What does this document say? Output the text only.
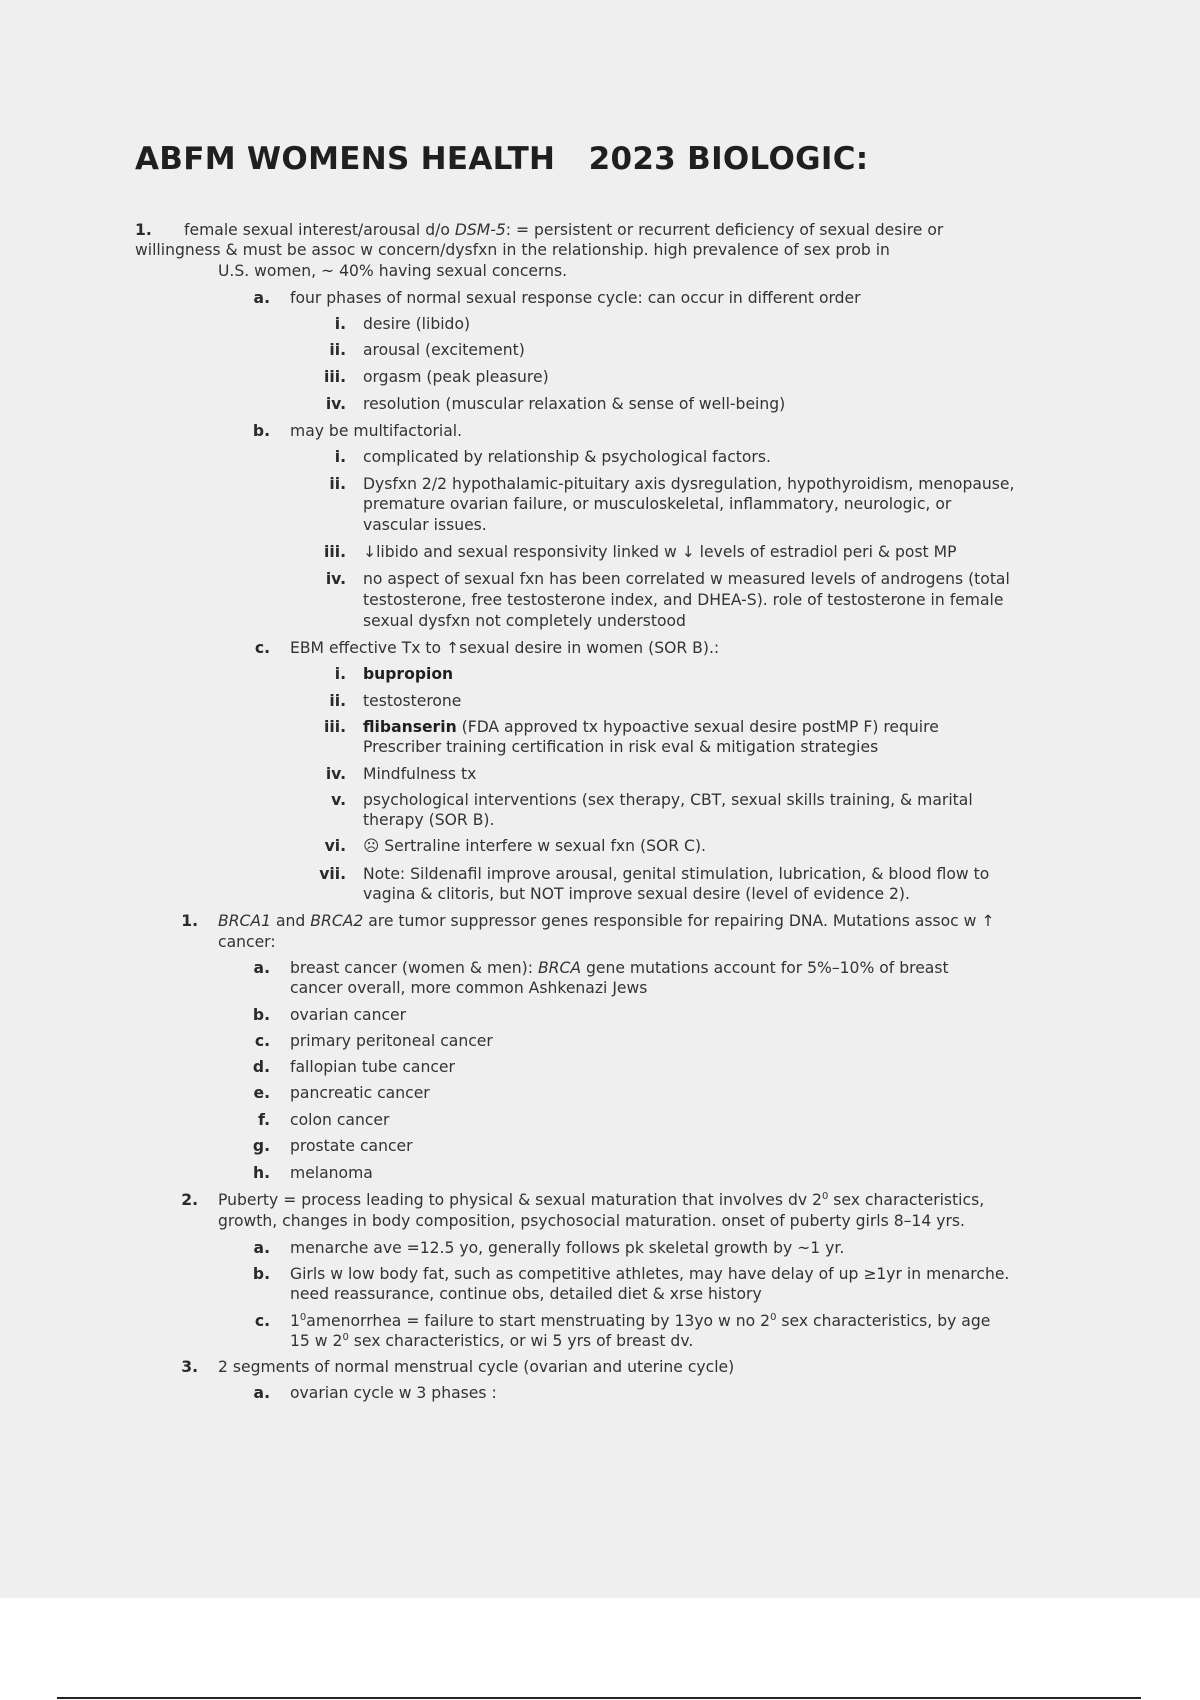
ABFM WOMENS HEALTH   2023 BIOLOGIC:
1. female sexual interest/arousal d/o DSM-5: = persistent or recurrent deficiency of sexual desire or
willingness & must be assoc w concern/dysfxn in the relationship. high prevalence of sex prob in
U.S. women, ~ 40% having sexual concerns.
a. four phases of normal sexual response cycle: can occur in different order
i. desire (libido)
ii. arousal (excitement)
iii. orgasm (peak pleasure)
iv. resolution (muscular relaxation & sense of well-being)
b. may be multifactorial.
i. complicated by relationship & psychological factors.
ii. Dysfxn 2/2 hypothalamic-pituitary axis dysregulation, hypothyroidism, menopause,
premature ovarian failure, or musculoskeletal, inflammatory, neurologic, or
vascular issues.
iii. ↓libido and sexual responsivity linked w ↓ levels of estradiol peri & post MP
iv. no aspect of sexual fxn has been correlated w measured levels of androgens (total
testosterone, free testosterone index, and DHEA-S). role of testosterone in female
sexual dysfxn not completely understood
c. EBM effective Tx to ↑sexual desire in women (SOR B).:
i. bupropion
ii. testosterone
iii. flibanserin (FDA approved tx hypoactive sexual desire postMP F) require
Prescriber training certification in risk eval & mitigation strategies
iv. Mindfulness tx
v. psychological interventions (sex therapy, CBT, sexual skills training, & marital
therapy (SOR B).
vi. ☹ Sertraline interfere w sexual fxn (SOR C).
vii. Note: Sildenafil improve arousal, genital stimulation, lubrication, & blood flow to
vagina & clitoris, but NOT improve sexual desire (level of evidence 2).
1. BRCA1 and BRCA2 are tumor suppressor genes responsible for repairing DNA. Mutations assoc w ↑
cancer:
a. breast cancer (women & men): BRCA gene mutations account for 5%–10% of breast
cancer overall, more common Ashkenazi Jews
b. ovarian cancer
c. primary peritoneal cancer
d. fallopian tube cancer
e. pancreatic cancer
f. colon cancer
g. prostate cancer
h. melanoma
2. Puberty = process leading to physical & sexual maturation that involves dv $2^0$ sex characteristics,
growth, changes in body composition, psychosocial maturation. onset of puberty girls 8–14 yrs.
a. menarche ave =12.5 yo, generally follows pk skeletal growth by ~1 yr.
b. Girls w low body fat, such as competitive athletes, may have delay of up ≥1yr in menarche.
need reassurance, continue obs, detailed diet & xrse history
c. $1^0amenorrhea$ = failure to start menstruating by 13yo w no $2^0$ sex characteristics, by age
15 w $2^0$ sex characteristics, or wi 5 yrs of breast dv.
3. 2 segments of normal menstrual cycle (ovarian and uterine cycle)
a. ovarian cycle w 3 phases :
